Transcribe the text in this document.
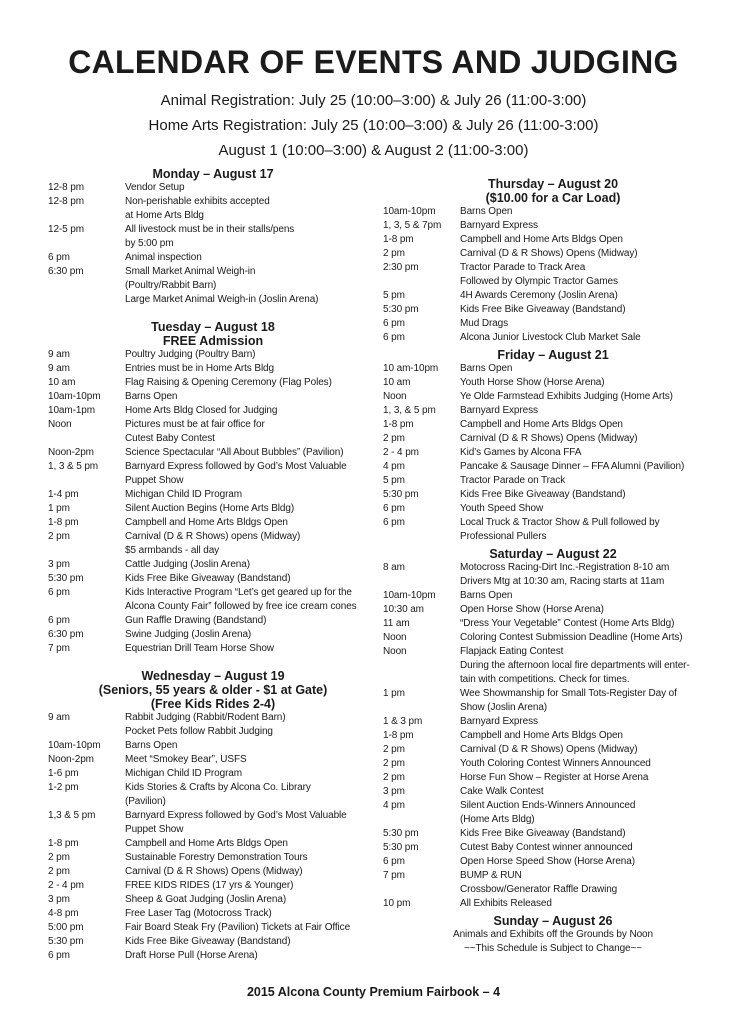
CALENDAR OF EVENTS AND JUDGING
Animal Registration: July 25 (10:00–3:00) & July 26 (11:00-3:00)
Home Arts Registration: July 25 (10:00–3:00) & July 26 (11:00-3:00)
August 1 (10:00–3:00) & August 2 (11:00-3:00)
Monday – August 17
12-8 pm	Vendor Setup
12-8 pm	Non-perishable exhibits accepted
at Home Arts Bldg
12-5 pm	All livestock must be in their stalls/pens
by 5:00 pm
6 pm	Animal inspection
6:30 pm	Small Market Animal Weigh-in
(Poultry/Rabbit Barn)
Large Market Animal Weigh-in (Joslin Arena)
Tuesday – August 18
FREE Admission
9 am	Poultry Judging (Poultry Barn)
9 am	Entries must be in Home Arts Bldg
10 am	Flag Raising & Opening Ceremony (Flag Poles)
10am-10pm	Barns Open
10am-1pm	Home Arts Bldg Closed for Judging
Noon	Pictures must be at fair office for
Cutest Baby Contest
Noon-2pm	Science Spectacular “All About Bubbles” (Pavilion)
1, 3 & 5 pm	Barnyard Express followed by God’s Most Valuable
Puppet Show
1-4 pm	Michigan Child ID Program
1 pm	Silent Auction Begins (Home Arts Bldg)
1-8 pm	Campbell and Home Arts Bldgs Open
2 pm	Carnival (D & R Shows) opens (Midway)
$5 armbands - all day
3 pm	Cattle Judging (Joslin Arena)
5:30 pm	Kids Free Bike Giveaway (Bandstand)
6 pm	Kids Interactive Program “Let’s get geared up for the
Alcona County Fair” followed by free ice cream cones
6 pm	Gun Raffle Drawing (Bandstand)
6:30 pm	Swine Judging (Joslin Arena)
7 pm	Equestrian Drill Team Horse Show
Wednesday – August 19
(Seniors, 55 years & older - $1 at Gate)
(Free Kids Rides 2-4)
9 am	Rabbit Judging (Rabbit/Rodent Barn)
Pocket Pets follow Rabbit Judging
10am-10pm	Barns Open
Noon-2pm	Meet “Smokey Bear”, USFS
1-6 pm	Michigan Child ID Program
1-2 pm	Kids Stories & Crafts by Alcona Co. Library
(Pavilion)
1,3 & 5 pm	Barnyard Express followed by God’s Most Valuable
Puppet Show
1-8 pm	Campbell and Home Arts Bldgs Open
2 pm	Sustainable Forestry Demonstration Tours
2 pm	Carnival (D & R Shows) Opens (Midway)
2 - 4 pm	FREE KIDS RIDES (17 yrs & Younger)
3 pm	Sheep & Goat Judging (Joslin Arena)
4-8 pm	Free Laser Tag (Motocross Track)
5:00 pm	Fair Board Steak Fry (Pavilion) Tickets at Fair Office
5:30 pm	Kids Free Bike Giveaway (Bandstand)
6 pm	Draft Horse Pull (Horse Arena)
Thursday – August 20
($10.00 for a Car Load)
10am-10pm	Barns Open
1, 3, 5 & 7pm	Barnyard Express
1-8 pm	Campbell and Home Arts Bldgs Open
2 pm	Carnival (D & R Shows) Opens (Midway)
2:30 pm	Tractor Parade to Track Area
Followed by Olympic Tractor Games
5 pm	4H Awards Ceremony (Joslin Arena)
5:30 pm	Kids Free Bike Giveaway (Bandstand)
6 pm	Mud Drags
6 pm	Alcona Junior Livestock Club Market Sale
Friday – August 21
10 am-10pm	Barns Open
10 am	Youth Horse Show (Horse Arena)
Noon	Ye Olde Farmstead Exhibits Judging (Home Arts)
1, 3, & 5 pm	Barnyard Express
1-8 pm	Campbell and Home Arts Bldgs Open
2 pm	Carnival (D & R Shows) Opens (Midway)
2 - 4 pm	Kid’s Games by Alcona FFA
4 pm	Pancake & Sausage Dinner – FFA Alumni (Pavilion)
5 pm	Tractor Parade on Track
5:30 pm	Kids Free Bike Giveaway (Bandstand)
6 pm	Youth Speed Show
6 pm	Local Truck & Tractor Show & Pull followed by
Professional Pullers
Saturday – August 22
8 am	Motocross Racing-Dirt Inc.-Registration 8-10 am
Drivers Mtg at 10:30 am, Racing starts at 11am
10am-10pm	Barns Open
10:30 am	Open Horse Show (Horse Arena)
11 am	“Dress Your Vegetable” Contest (Home Arts Bldg)
Noon	Coloring Contest Submission Deadline (Home Arts)
Noon	Flapjack Eating Contest
During the afternoon local fire departments will enter-
tain with competitions. Check for times.
1 pm	Wee Showmanship for Small Tots-Register Day of
Show (Joslin Arena)
1 & 3 pm	Barnyard Express
1-8 pm	Campbell and Home Arts Bldgs Open
2 pm	Carnival (D & R Shows) Opens (Midway)
2 pm	Youth Coloring Contest Winners Announced
2 pm	Horse Fun Show – Register at Horse Arena
3 pm	Cake Walk Contest
4 pm	Silent Auction Ends-Winners Announced
(Home Arts Bldg)
5:30 pm	Kids Free Bike Giveaway (Bandstand)
5:30 pm	Cutest Baby Contest winner announced
6 pm	Open Horse Speed Show (Horse Arena)
7 pm	BUMP & RUN
Crossbow/Generator Raffle Drawing
10 pm	All Exhibits Released
Sunday – August 26
Animals and Exhibits off the Grounds by Noon
~~This Schedule is Subject to Change~~
2015 Alcona County Premium Fairbook – 4
